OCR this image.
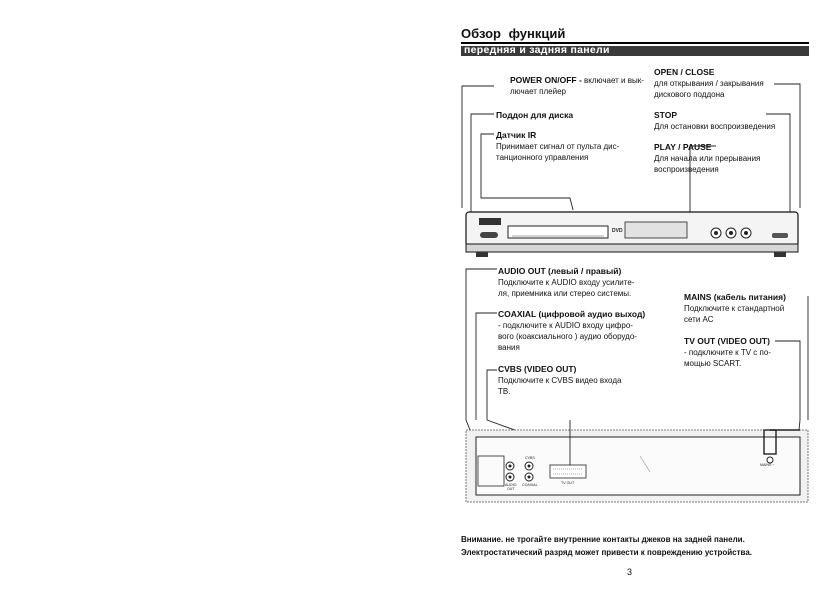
Обзор функций
передняя и задняя панели
CVBS
AUDIO
OUT
COAXIAL	TV OUT
MAINS ~
DVD
POWER ON/OFF - включает и вык-
лючает плейер
Поддон для диска
Датчик IR
Принимает сигнал от пульта дис-
танционного управления
OPEN / CLOSE
для открывания / закрывания
дискового поддона
STOP
Для остановки воспроизведения
PLAY / PAUSE
Для начала или прерывания
воспроизведения
AUDIO OUT (левый / правый)
Подключите к AUDIO входу усилите-
ля, приемника или стерео системы.
COAXIAL (цифровой аудио выход)
- подключите к AUDIO входу цифро-
вого (коаксиального ) аудио оборудо-
вания
CVBS (VIDEO OUT)
Подключите к CVBS видео входа
ТВ.
MAINS (кабель питания)
Подключите к стандартной
сети АС
TV OUT (VIDEO OUT)
- подключите к TV с по-
мощью SCART.
Внимание. не трогайте внутренние контакты джеков на задней панели.
Электростатический разряд может привести к повреждению устройства.
3
